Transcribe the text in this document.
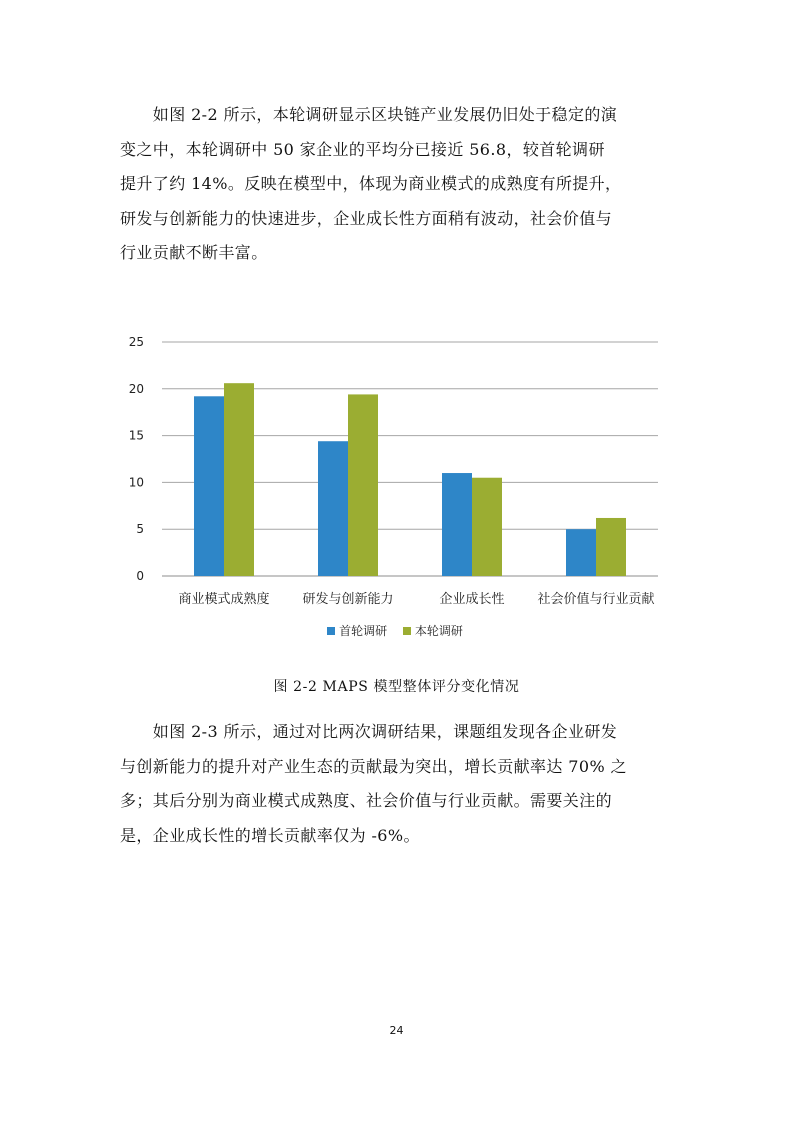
　　如图 2-2 所示，本轮调研显示区块链产业发展仍旧处于稳定的演
变之中，本轮调研中 50 家企业的平均分已接近 56.8，较首轮调研
提升了约 14%。反映在模型中，体现为商业模式的成熟度有所提升，
研发与创新能力的快速进步，企业成长性方面稍有波动，社会价值与
行业贡献不断丰富。
0
5
10
15
20
25
商业模式成熟度	研发与创新能力	企业成长性	社会价值与行业贡献
首轮调研
本轮调研
图 2-2 MAPS 模型整体评分变化情况
　　如图 2-3 所示，通过对比两次调研结果，课题组发现各企业研发
与创新能力的提升对产业生态的贡献最为突出，增长贡献率达 70% 之
多；其后分别为商业模式成熟度、社会价值与行业贡献。需要关注的
是，企业成长性的增长贡献率仅为 -6%。
24
